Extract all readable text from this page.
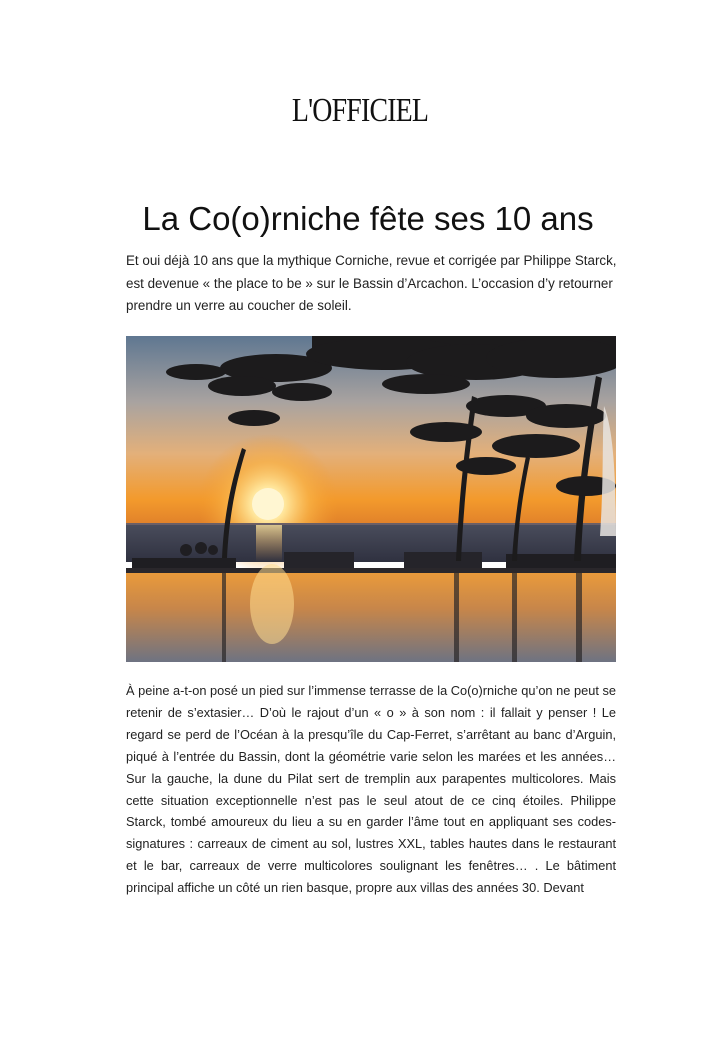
L'OFFICIEL
La Co(o)rniche fête ses 10 ans

Et oui déjà 10 ans que la mythique Corniche, revue et corrigée par Philippe Starck, est devenue « the place to be » sur le Bassin d’Arcachon. L’occasion d’y retourner prendre un verre au coucher de soleil.

À peine a-t-on posé un pied sur l’immense terrasse de la Co(o)rniche qu’on ne peut se retenir de s’extasier… D’où le rajout d’un « o » à son nom : il fallait y penser ! Le regard se perd de l’Océan à la presqu’île du Cap-Ferret, s’arrêtant au banc d’Arguin, piqué à l’entrée du Bassin, dont la géométrie varie selon les marées et les années… Sur la gauche, la dune du Pilat sert de tremplin aux parapentes multicolores. Mais cette situation exceptionnelle n’est pas le seul atout de ce cinq étoiles. Philippe Starck, tombé amoureux du lieu a su en garder l’âme tout en appliquant ses codes-signatures : carreaux de ciment au sol, lustres XXL, tables hautes dans le restaurant et le bar, carreaux de verre multicolores soulignant les fenêtres… . Le bâtiment principal affiche un côté un rien basque, propre aux villas des années 30. Devant
